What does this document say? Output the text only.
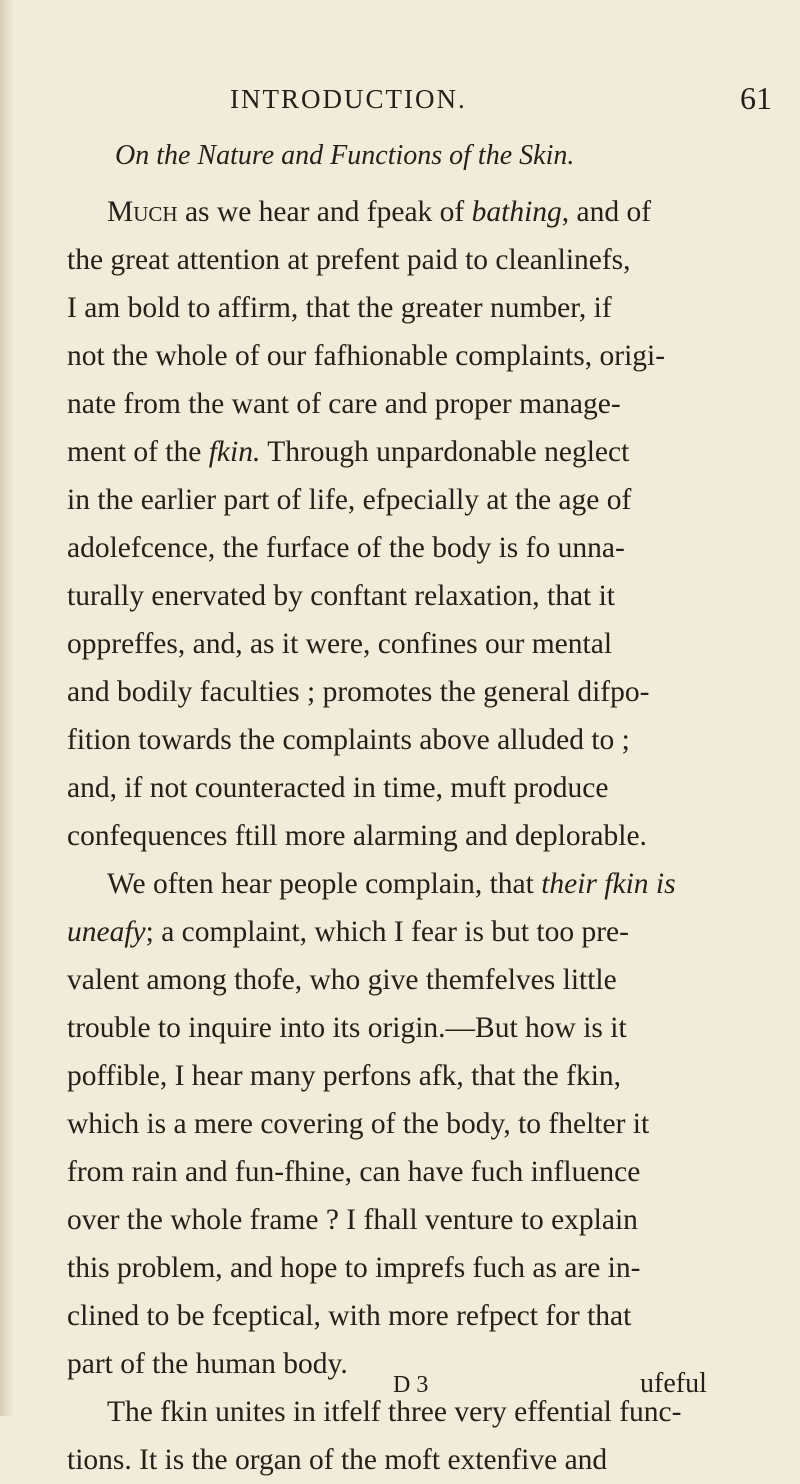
INTRODUCTION.	61
On the Nature and Functions of the Skin.
Much as we hear and fpeak of bathing, and of
the great attention at prefent paid to cleanlinefs,
I am bold to affirm, that the greater number, if
not the whole of our fafhionable complaints, origi-
nate from the want of care and proper manage-
ment of the fkin. Through unpardonable neglect
in the earlier part of life, efpecially at the age of
adolefcence, the furface of the body is fo unna-
turally enervated by conftant relaxation, that it
oppreffes, and, as it were, confines our mental
and bodily faculties ; promotes the general difpo-
fition towards the complaints above alluded to ;
and, if not counteracted in time, muft produce
confequences ftill more alarming and deplorable.
We often hear people complain, that their fkin is
uneafy; a complaint, which I fear is but too pre-
valent among thofe, who give themfelves little
trouble to inquire into its origin.—But how is it
poffible, I hear many perfons afk, that the fkin,
which is a mere covering of the body, to fhelter it
from rain and fun-fhine, can have fuch influence
over the whole frame ? I fhall venture to explain
this problem, and hope to imprefs fuch as are in-
clined to be fceptical, with more refpect for that
part of the human body.
The fkin unites in itfelf three very effential func-
tions. It is the organ of the moft extenfive and
D 3	ufeful
